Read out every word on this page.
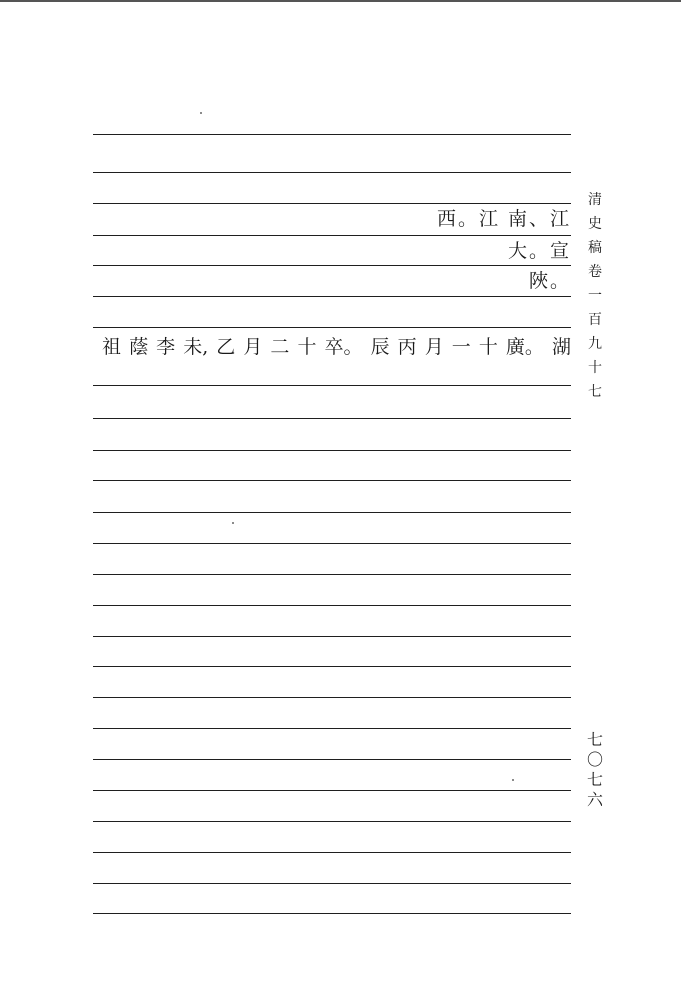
西。江 南、江
大。宣
陜。
祖 蔭 李 未, 乙 月 二 十 卒。 辰 丙 月 一 十 廣。 湖
清史稿卷一百九十七
七〇七六
